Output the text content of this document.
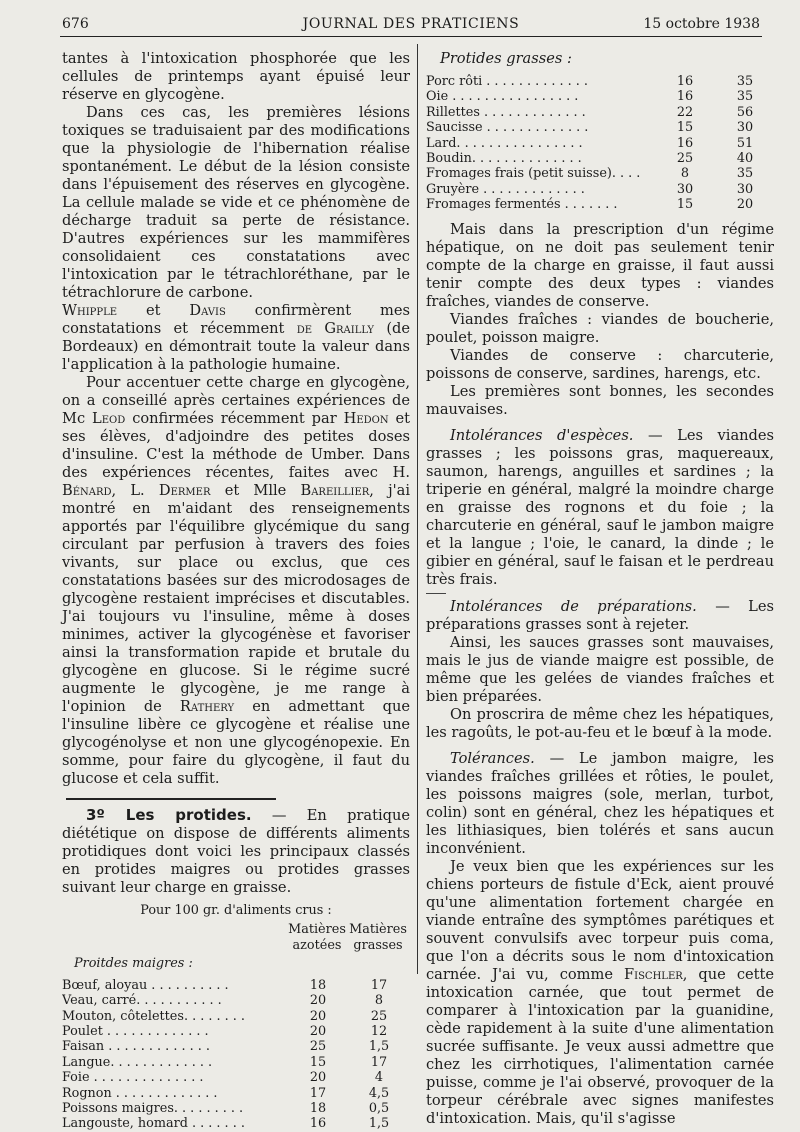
676	JOURNAL DES PRATICIENS	15 octobre 1938

tantes à l'intoxication phosphorée que les cellules de printemps ayant épuisé leur réserve en glycogène.

Dans ces cas, les premières lésions toxiques se traduisaient par des modifications que la physiologie de l'hibernation réalise spontanément. Le début de la lésion consiste dans l'épuisement des réserves en glycogène. La cellule malade se vide et ce phénomène de décharge traduit sa perte de résistance. D'autres expériences sur les mammifères consolidaient ces constatations avec l'intoxication par le tétrachloréthane, par le tétrachlorure de carbone.

Whipple et Davis confirmèrent mes constatations et récemment de Grailly (de Bordeaux) en démontrait toute la valeur dans l'application à la pathologie humaine.

Pour accentuer cette charge en glycogène, on a conseillé après certaines expériences de Mc Leod confirmées récemment par Hedon et ses élèves, d'adjoindre des petites doses d'insuline. C'est la méthode de Umber. Dans des expériences récentes, faites avec H. Bénard, L. Dermer et Mlle Bareillier, j'ai montré en m'aidant des renseignements apportés par l'équilibre glycémique du sang circulant par perfusion à travers des foies vivants, sur place ou exclus, que ces constatations basées sur des microdosages de glycogène restaient imprécises et discutables. J'ai toujours vu l'insuline, même à doses minimes, activer la glycogénèse et favoriser ainsi la transformation rapide et brutale du glycogène en glucose. Si le régime sucré augmente le glycogène, je me range à l'opinion de Rathery en admettant que l'insuline libère ce glycogène et réalise une glycogénolyse et non une glycogénopexie. En somme, pour faire du glycogène, il faut du glucose et cela suffit.

3º Les protides. — En pratique diététique on dispose de différents aliments protidiques dont voici les principaux classés en protides maigres ou protides grasses suivant leur charge en graisse.

Pour 100 gr. d'aliments crus :
Matières azotées
Matières grasses
Proitdes maigres :
Bœuf, aloyau . . . . . . . . . .	18	17
Veau, carré. . . . . . . . . . .	20	8
Mouton, côtelettes. . . . . . . .	20	25
Poulet . . . . . . . . . . . . .	20	12
Faisan . . . . . . . . . . . . .	25	1,5
Langue. . . . . . . . . . . . .	15	17
Foie . . . . . . . . . . . . . .	20	4
Rognon . . . . . . . . . . . . .	17	4,5
Poissons maigres. . . . . . . . .	18	0,5
Langouste, homard . . . . . . .	16	1,5
Protides grasses :
Porc rôti . . . . . . . . . . . . .	16	35
Oie . . . . . . . . . . . . . . . .	16	35
Rillettes . . . . . . . . . . . . .	22	56
Saucisse . . . . . . . . . . . . .	15	30
Lard. . . . . . . . . . . . . . . .	16	51
Boudin. . . . . . . . . . . . . .	25	40
Fromages frais (petit suisse). . . .	8	35
Gruyère . . . . . . . . . . . . .	30	30
Fromages fermentés . . . . . . .	15	20

Mais dans la prescription d'un régime hépatique, on ne doit pas seulement tenir compte de la charge en graisse, il faut aussi tenir compte des deux types : viandes fraîches, viandes de conserve.

Viandes fraîches : viandes de boucherie, poulet, poisson maigre.

Viandes de conserve : charcuterie, poissons de conserve, sardines, harengs, etc.

Les premières sont bonnes, les secondes mauvaises.

Intolérances d'espèces. — Les viandes grasses ; les poissons gras, maquereaux, saumon, harengs, anguilles et sardines ; la triperie en général, malgré la moindre charge en graisse des rognons et du foie ; la charcuterie en général, sauf le jambon maigre et la langue ; l'oie, le canard, la dinde ; le gibier en général, sauf le faisan et le perdreau très frais.

Intolérances de préparations. — Les préparations grasses sont à rejeter.

Ainsi, les sauces grasses sont mauvaises, mais le jus de viande maigre est possible, de même que les gelées de viandes fraîches et bien préparées.

On proscrira de même chez les hépatiques, les ragoûts, le pot-au-feu et le bœuf à la mode.

Tolérances. — Le jambon maigre, les viandes fraîches grillées et rôties, le poulet, les poissons maigres (sole, merlan, turbot, colin) sont en général, chez les hépatiques et les lithiasiques, bien tolérés et sans aucun inconvénient.

Je veux bien que les expériences sur les chiens porteurs de fistule d'Eck, aient prouvé qu'une alimentation fortement chargée en viande entraîne des symptômes parétiques et souvent convulsifs avec torpeur puis coma, que l'on a décrits sous le nom d'intoxication carnée. J'ai vu, comme Fischler, que cette intoxication carnée, que tout permet de comparer à l'intoxication par la guanidine, cède rapidement à la suite d'une alimentation sucrée suffisante. Je veux aussi admettre que chez les cirrhotiques, l'alimentation carnée puisse, comme je l'ai observé, provoquer de la torpeur cérébrale avec signes manifestes d'intoxication. Mais, qu'il s'agisse
